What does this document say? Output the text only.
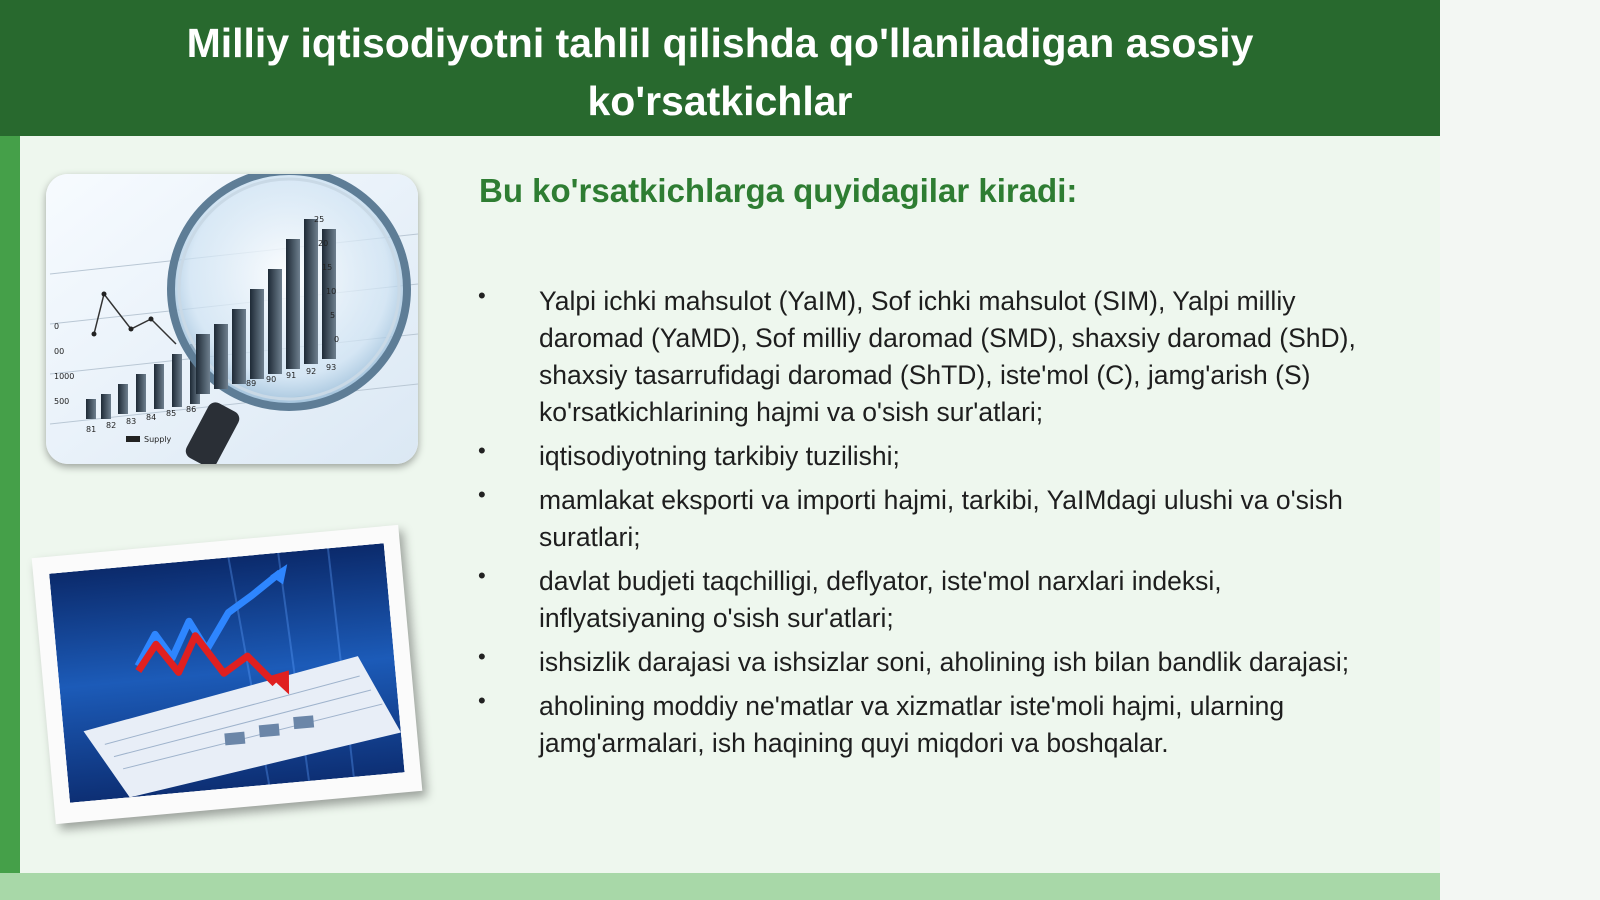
Milliy iqtisodiyotni tahlil qilishda qo'llaniladigan asosiy ko'rsatkichlar
81 82 83 84 85 86
500
1000
00
0
25
20
15
10
5
0
89 90 91 92 93
Supply
Bu ko'rsatkichlarga quyidagilar kiradi:
• Yalpi ichki mahsulot (YaIM), Sof ichki mahsulot (SIM), Yalpi milliy daromad (YaMD), Sof milliy daromad (SMD), shaxsiy daromad (ShD), shaxsiy tasarrufidagi daromad (ShTD), iste'mol (C), jamg'arish (S) ko'rsatkichlarining hajmi va o'sish sur'atlari;
• iqtisodiyotning tarkibiy tuzilishi;
• mamlakat eksporti va importi hajmi, tarkibi, YaIMdagi ulushi va o'sish suratlari;
• davlat budjeti taqchilligi, deflyator, iste'mol narxlari indeksi, inflyatsiyaning o'sish sur'atlari;
• ishsizlik darajasi va ishsizlar soni, aholining ish bilan bandlik darajasi;
• aholining moddiy ne'matlar va xizmatlar iste'moli hajmi, ularning jamg'armalari, ish haqining quyi miqdori va boshqalar.
